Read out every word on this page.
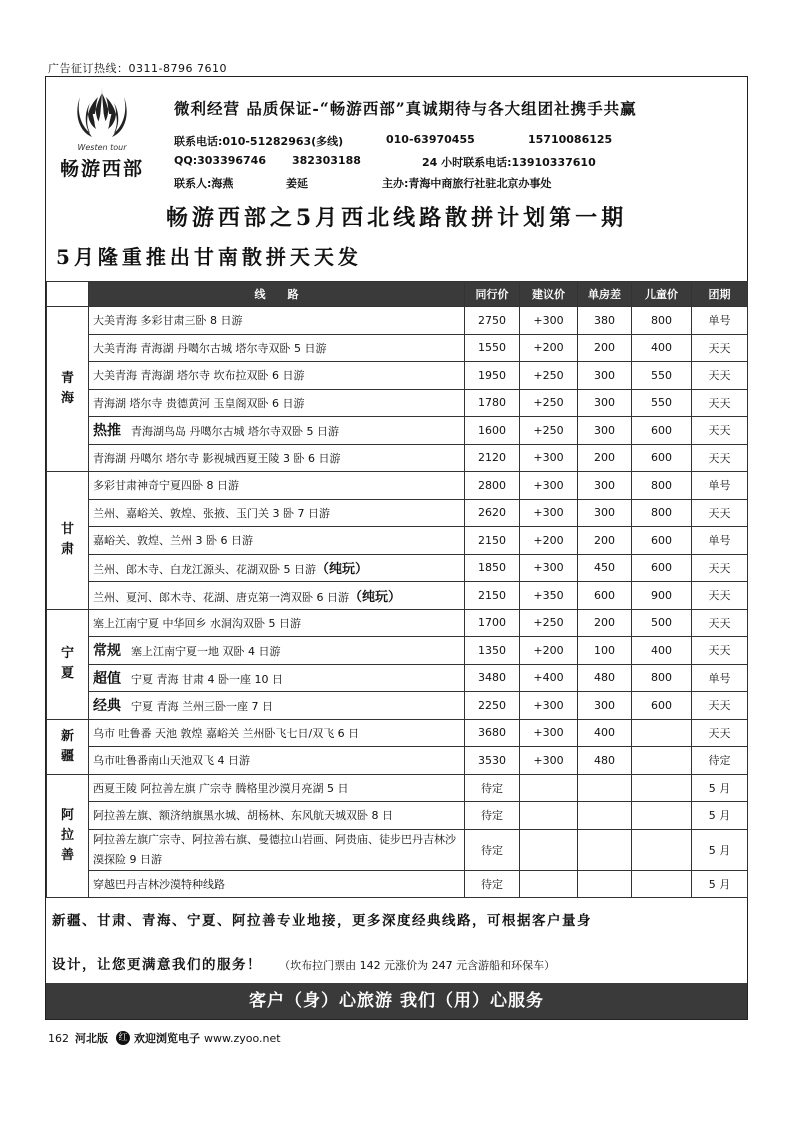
广告征订热线：0311-8796 7610
W
Westen tour
畅游西部
微利经营 品质保证-“畅游西部”真诚期待与各大组团社携手共赢
联系电话:010-51282963(多线)	010-63970455	15710086125
QQ:303396746 382303188	24 小时联系电话:13910337610
联系人:海燕	姜延	主办:青海中商旅行社驻北京办事处
畅游西部之5月西北线路散拼计划第一期
5月隆重推出甘南散拼天天发
	线　　路	同行价	建议价	单房差	儿童价	团期
青
海	大美青海 多彩甘肃三卧 8 日游	2750	+300	380	800	单号
	大美青海 青海湖 丹噶尔古城 塔尔寺双卧 5 日游	1550	+200	200	400	天天
	大美青海 青海湖 塔尔寺 坎布拉双卧 6 日游	1950	+250	300	550	天天
	青海湖 塔尔寺 贵德黄河 玉皇阁双卧 6 日游	1780	+250	300	550	天天
	热推 青海湖鸟岛 丹噶尔古城 塔尔寺双卧 5 日游	1600	+250	300	600	天天
	青海湖 丹噶尔 塔尔寺 影视城西夏王陵 3 卧 6 日游	2120	+300	200	600	天天
甘
肃	多彩甘肃神奇宁夏四卧 8 日游	2800	+300	300	800	单号
	兰州、嘉峪关、敦煌、张掖、玉门关 3 卧 7 日游	2620	+300	300	800	天天
	嘉峪关、敦煌、兰州 3 卧 6 日游	2150	+200	200	600	单号
	兰州、郎木寺、白龙江源头、花湖双卧 5 日游（纯玩）	1850	+300	450	600	天天
	兰州、夏河、郎木寺、花湖、唐克第一湾双卧 6 日游（纯玩）	2150	+350	600	900	天天
宁
夏	塞上江南宁夏 中华回乡 水洞沟双卧 5 日游	1700	+250	200	500	天天
	常规 塞上江南宁夏一地 双卧 4 日游	1350	+200	100	400	天天
	超值 宁夏 青海 甘肃 4 卧一座 10 日	3480	+400	480	800	单号
	经典 宁夏 青海 兰州三卧一座 7 日	2250	+300	300	600	天天
新
疆	乌市 吐鲁番 天池 敦煌 嘉峪关 兰州卧飞七日/双飞 6 日	3680	+300	400		天天
	乌市吐鲁番南山天池双飞 4 日游	3530	+300	480		待定
阿
拉
善	西夏王陵 阿拉善左旗 广宗寺 腾格里沙漠月亮湖 5 日	待定				5 月
	阿拉善左旗、额济纳旗黑水城、胡杨林、东风航天城双卧 8 日	待定				5 月
	阿拉善左旗广宗寺、阿拉善右旗、曼德拉山岩画、阿贵庙、徒步巴丹吉林沙漠探险 9 日游	待定				5 月
	穿越巴丹吉林沙漠特种线路	待定				5 月
新疆、甘肃、青海、宁夏、阿拉善专业地接，更多深度经典线路，可根据客户量身
设计，让您更满意我们的服务！ （坎布拉门票由 142 元涨价为 247 元含游船和环保车）
客户（身）心旅游 我们（用）心服务
162 河北版 红 欢迎浏览电子 www.zyoo.net
